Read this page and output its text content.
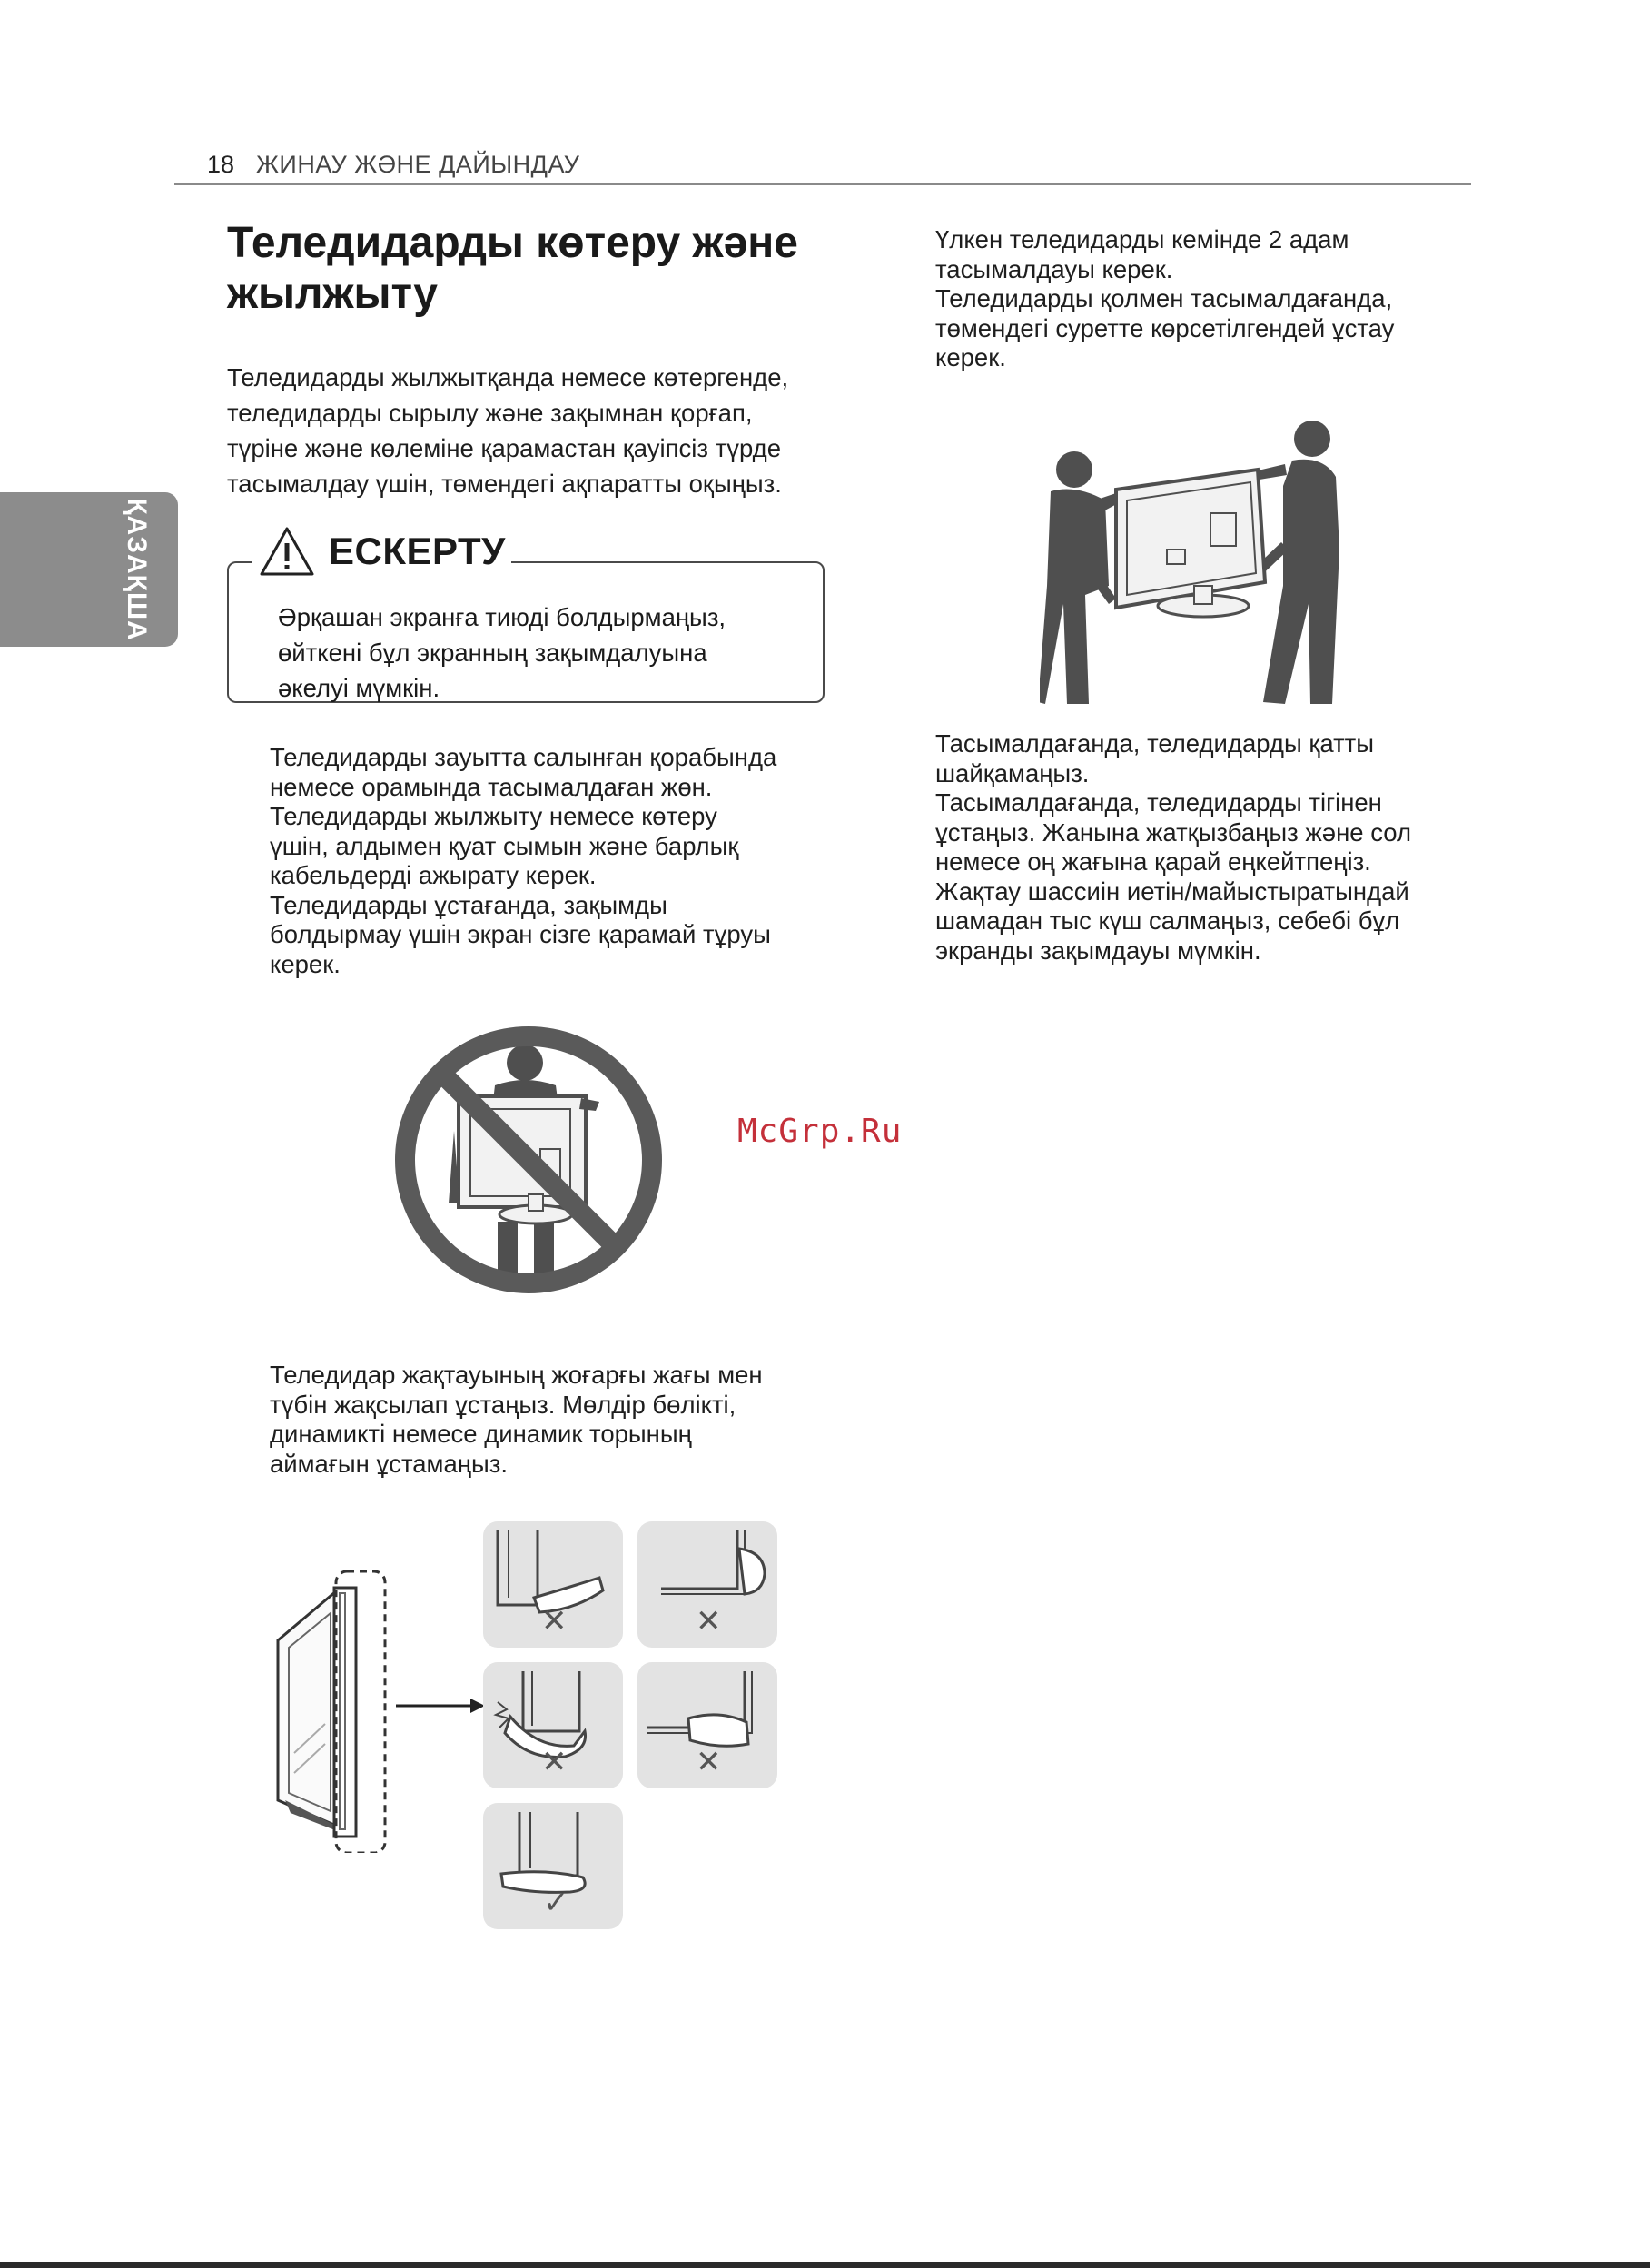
18 ЖИНАУ ЖӘНЕ ДАЙЫНДАУ
ҚАЗАҚША
Теледидарды көтеру және жылжыту

Теледидарды жылжытқанда немесе көтергенде,

теледидарды сырылу және зақымнан қорғап,

түріне және көлеміне қарамастан қауіпсіз түрде

тасымалдау үшін, төмендегі ақпаратты оқыңыз.

ЕСКЕРТУ
Әрқашан экранға тиюді болдырмаңыз,
өйткені бұл экранның зақымдалуына
әкелуі мүмкін.

Теледидарды зауытта салынған қорабында

немесе орамында тасымалдаған жөн.

Теледидарды жылжыту немесе көтеру

үшін, алдымен қуат сымын және барлық

кабельдерді ажырату керек.

Теледидарды ұстағанда, зақымды

болдырмау үшін экран сізге қарамай тұруы

керек.

McGrp.Ru

Теледидар жақтауының жоғарғы жағы мен

түбін жақсылап ұстаңыз. Мөлдір бөлікті,

динамикті немесе динамик торының

аймағын ұстамаңыз.

✕	✕
✕	✕
✓

Үлкен теледидарды кемінде 2 адам

тасымалдауы керек.

Теледидарды қолмен тасымалдағанда,

төмендегі суретте көрсетілгендей ұстау

керек.

Тасымалдағанда, теледидарды қатты

шайқамаңыз.

Тасымалдағанда, теледидарды тігінен

ұстаңыз. Жанына жатқызбаңыз және сол

немесе оң жағына қарай еңкейтпеңіз.

Жақтау шассиін иетін/майыстыратындай

шамадан тыс күш салмаңыз, себебі бұл

экранды зақымдауы мүмкін.
